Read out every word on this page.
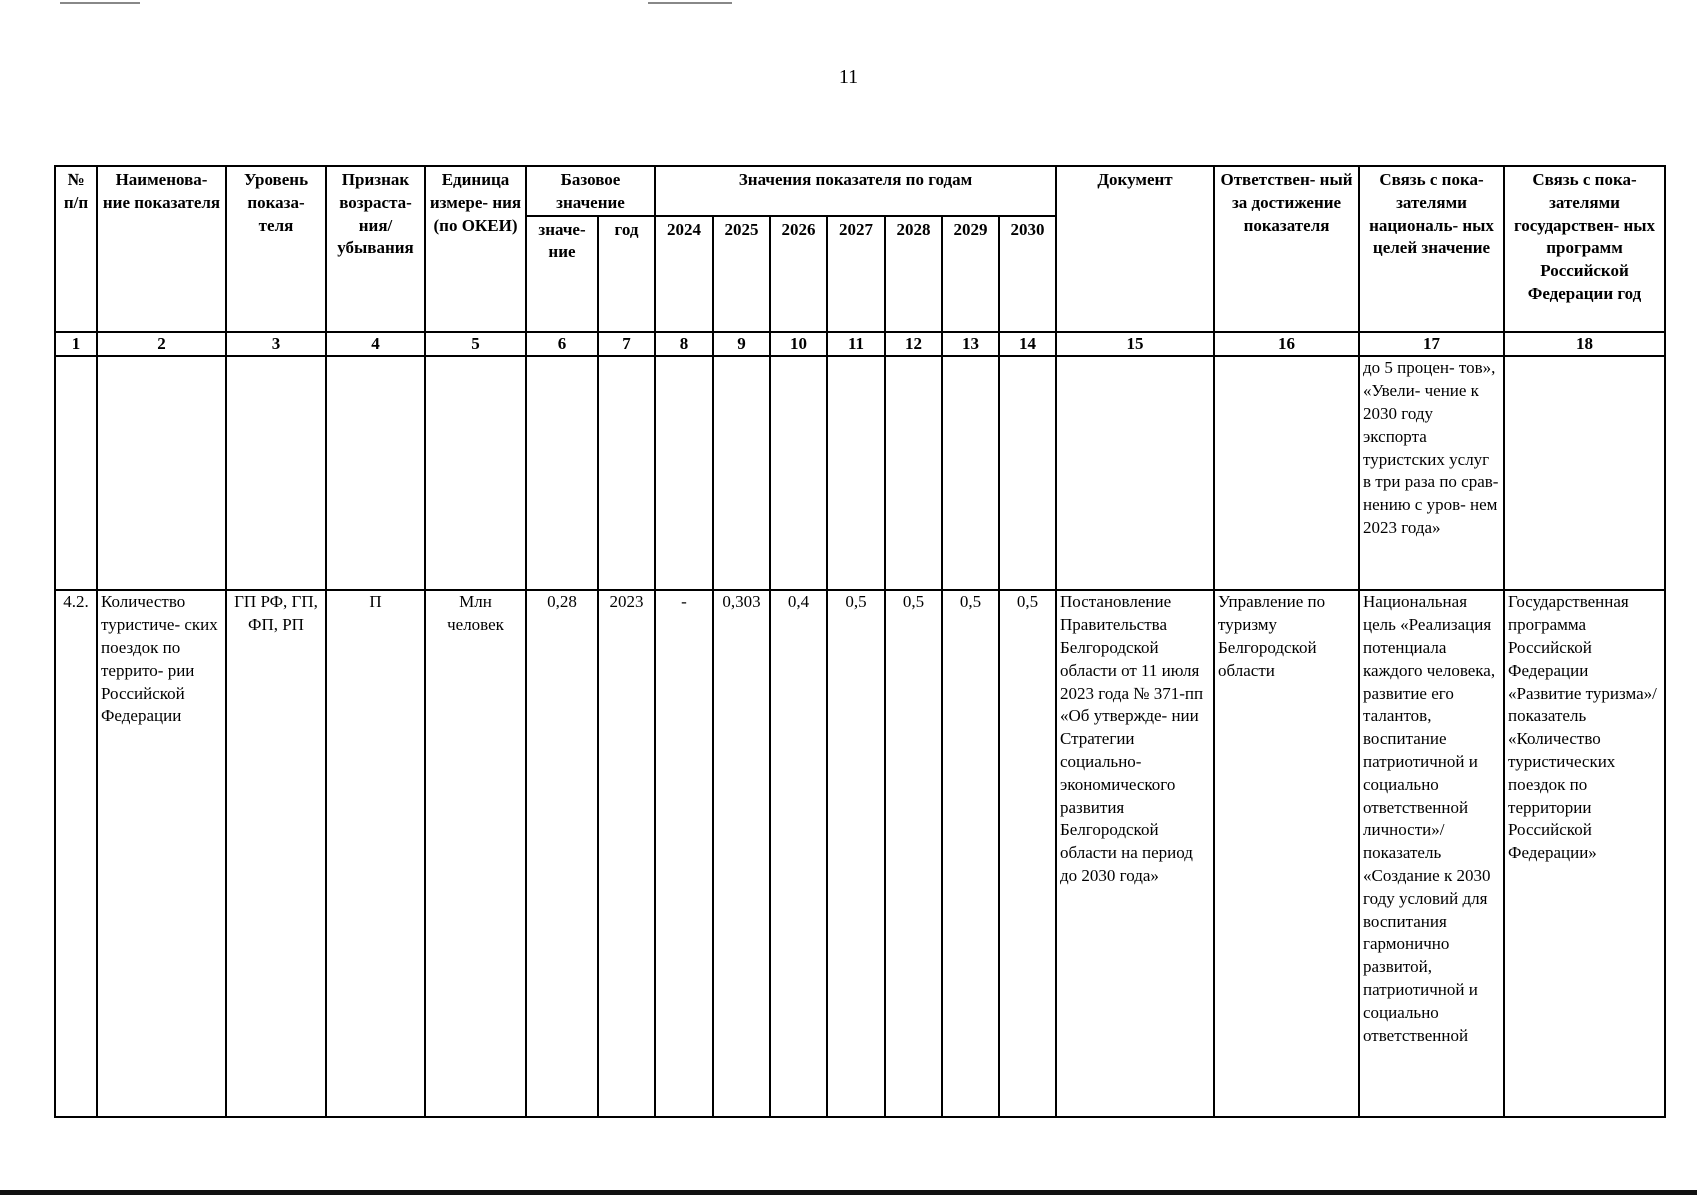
11
№ п/п	Наименова- ние показателя	Уровень показа- теля	Признак возраста- ния/ убывания	Единица измере- ния (по ОКЕИ)	Базовое значение		Значения показателя по годам							Документ	Ответствен- ный за достижение показателя	Связь с пока- зателями националь- ных целей значение	Связь с пока- зателями государствен- ных программ Российской Федерации год
					значе- ние	год	2024	2025	2026	2027	2028	2029	2030				
1	2	3	4	5	6	7	8	9	10	11	12	13	14	15	16	17	18
																до 5 процен- тов», «Увели- чение к 2030 году экспорта туристских услуг в три раза по срав- нению с уров- нем 2023 года»	
4.2.	Количество туристиче- ских поездок по террито- рии Российской Федерации	ГП РФ, ГП, ФП, РП	П	Млн человек	0,28	2023	-	0,303	0,4	0,5	0,5	0,5	0,5	Постановление Правительства Белгородской области от 11 июля 2023 года № 371-пп «Об утвержде- нии Стратегии социально- экономического развития Белгородской области на период до 2030 года»	Управление по туризму Белгородской области	Национальная цель «Реализация потенциала каждого человека, развитие его талантов, воспитание патриотичной и социально ответственной личности»/ показатель «Создание к 2030 году условий для воспитания гармонично развитой, патриотичной и социально ответственной	Государственная программа Российской Федерации «Развитие туризма»/ показатель «Количество туристических поездок по территории Российской Федерации»
